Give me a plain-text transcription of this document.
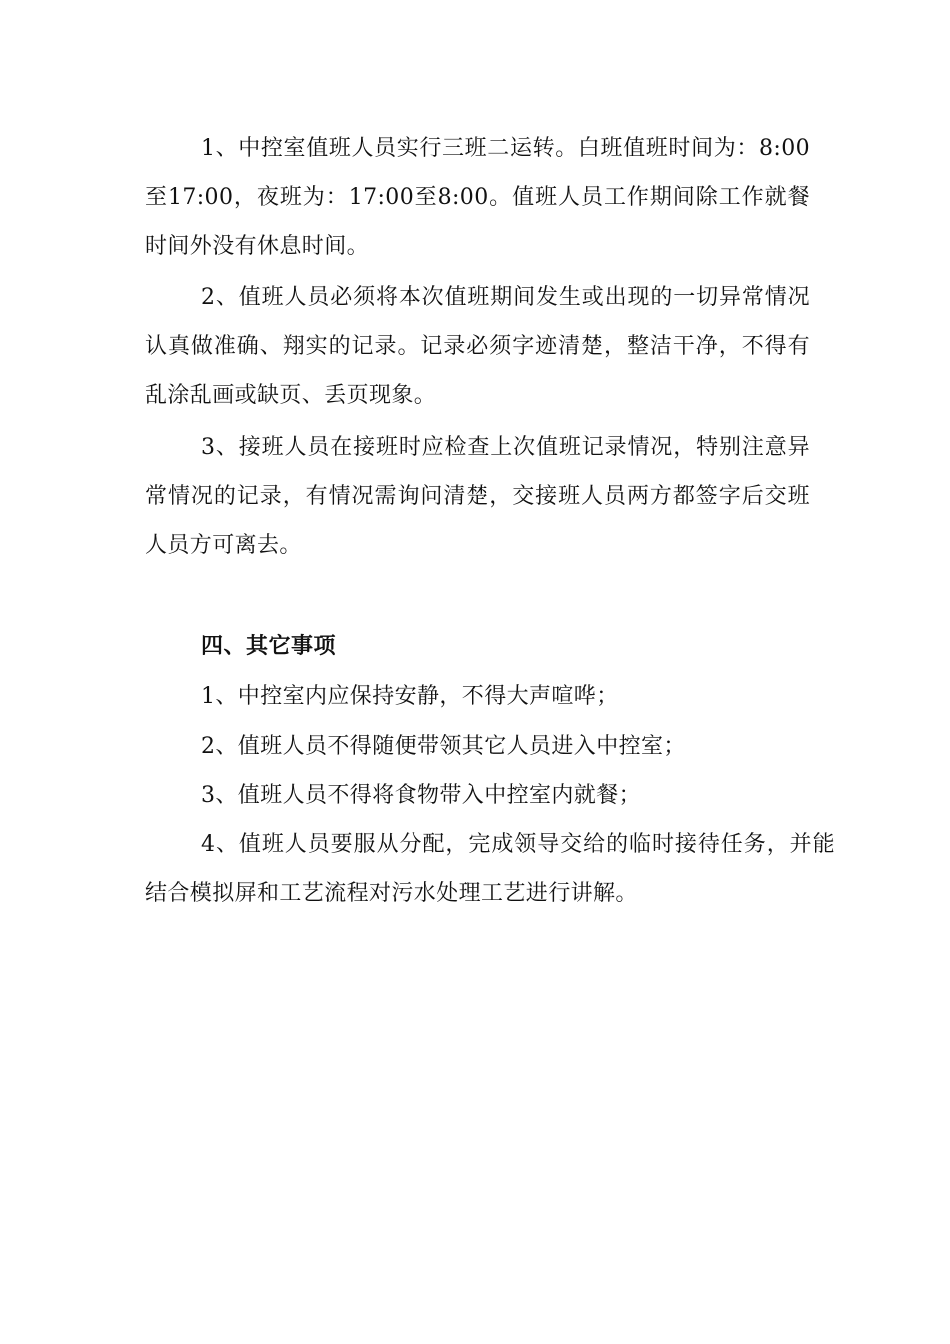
1、中控室值班人员实行三班二运转。白班值班时间为：8:00至17:00，夜班为：17:00至8:00。值班人员工作期间除工作就餐时间外没有休息时间。

2、值班人员必须将本次值班期间发生或出现的一切异常情况认真做准确、翔实的记录。记录必须字迹清楚，整洁干净，不得有乱涂乱画或缺页、丢页现象。

3、接班人员在接班时应检查上次值班记录情况，特别注意异常情况的记录，有情况需询问清楚，交接班人员两方都签字后交班人员方可离去。

四、其它事项

1、中控室内应保持安静，不得大声喧哗；

2、值班人员不得随便带领其它人员进入中控室；

3、值班人员不得将食物带入中控室内就餐；

4、值班人员要服从分配，完成领导交给的临时接待任务，并能结合模拟屏和工艺流程对污水处理工艺进行讲解。
